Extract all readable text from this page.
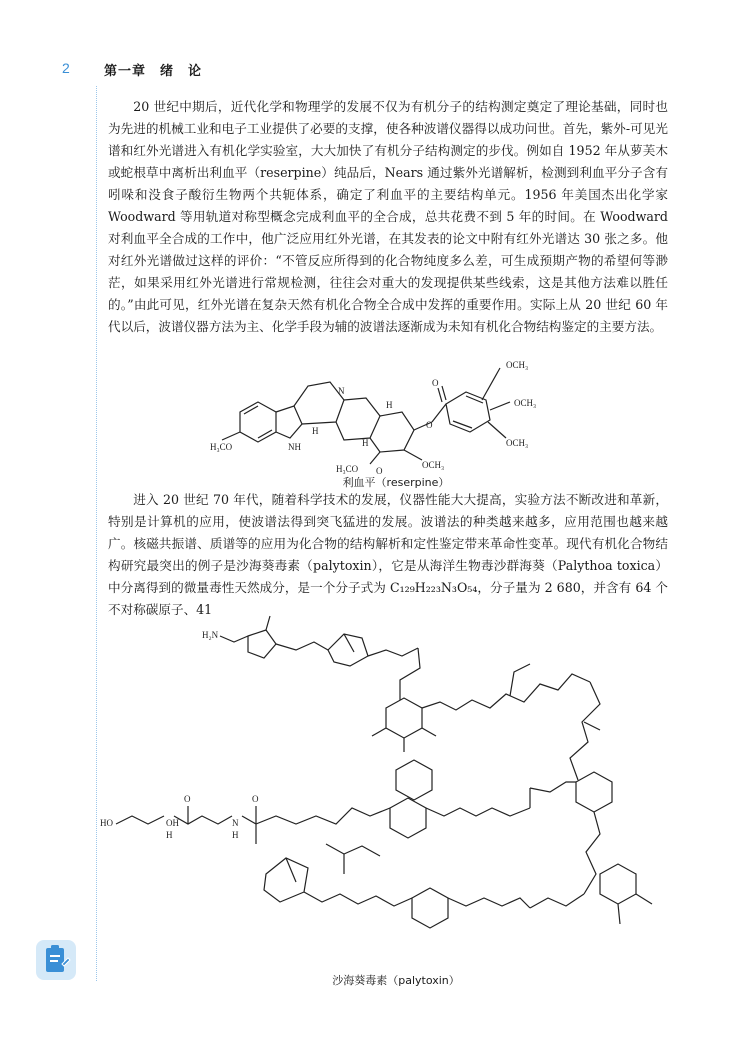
2	第一章　绪　论

20 世纪中期后，近代化学和物理学的发展不仅为有机分子的结构测定奠定了理论基础，同时也为先进的机械工业和电子工业提供了必要的支撑，使各种波谱仪器得以成功问世。首先，紫外-可见光谱和红外光谱进入有机化学实验室，大大加快了有机分子结构测定的步伐。例如自 1952 年从萝芙木或蛇根草中离析出利血平（reserpine）纯品后，Nears 通过紫外光谱解析，检测到利血平分子含有吲哚和没食子酸衍生物两个共轭体系，确定了利血平的主要结构单元。1956 年美国杰出化学家 Woodward 等用轨道对称型概念完成利血平的全合成，总共花费不到 5 年的时间。在 Woodward 对利血平全合成的工作中，他广泛应用红外光谱，在其发表的论文中附有红外光谱达 30 张之多。他对红外光谱做过这样的评价：“不管反应所得到的化合物纯度多么差，可生成预期产物的希望何等渺茫，如果采用红外光谱进行常规检测，往往会对重大的发现提供某些线索，这是其他方法难以胜任的。”由此可见，红外光谱在复杂天然有机化合物全合成中发挥的重要作用。实际上从 20 世纪 60 年代以后，波谱仪器方法为主、化学手段为辅的波谱法逐渐成为未知有机化合物结构鉴定的主要方法。

OCH₃
OCH₃
OCH₃
H₃CO	NH
H
H
H
N
O
O
OCH₃
H₃CO O
利血平（reserpine）

进入 20 世纪 70 年代，随着科学技术的发展，仪器性能大大提高，实验方法不断改进和革新，特别是计算机的应用，使波谱法得到突飞猛进的发展。波谱法的种类越来越多，应用范围也越来越广。核磁共振谱、质谱等的应用为化合物的结构解析和定性鉴定带来革命性变革。现代有机化合物结构研究最突出的例子是沙海葵毒素（palytoxin），它是从海洋生物毒沙群海葵（Palythoa toxica）中分离得到的微量毒性天然成分，是一个分子式为 C₁₂₉H₂₂₃N₃O₅₄，分子量为 2 680，并含有 64 个不对称碳原子、41

H₂N
HO	OH
H
O
N
H
O
沙海葵毒素（palytoxin）
